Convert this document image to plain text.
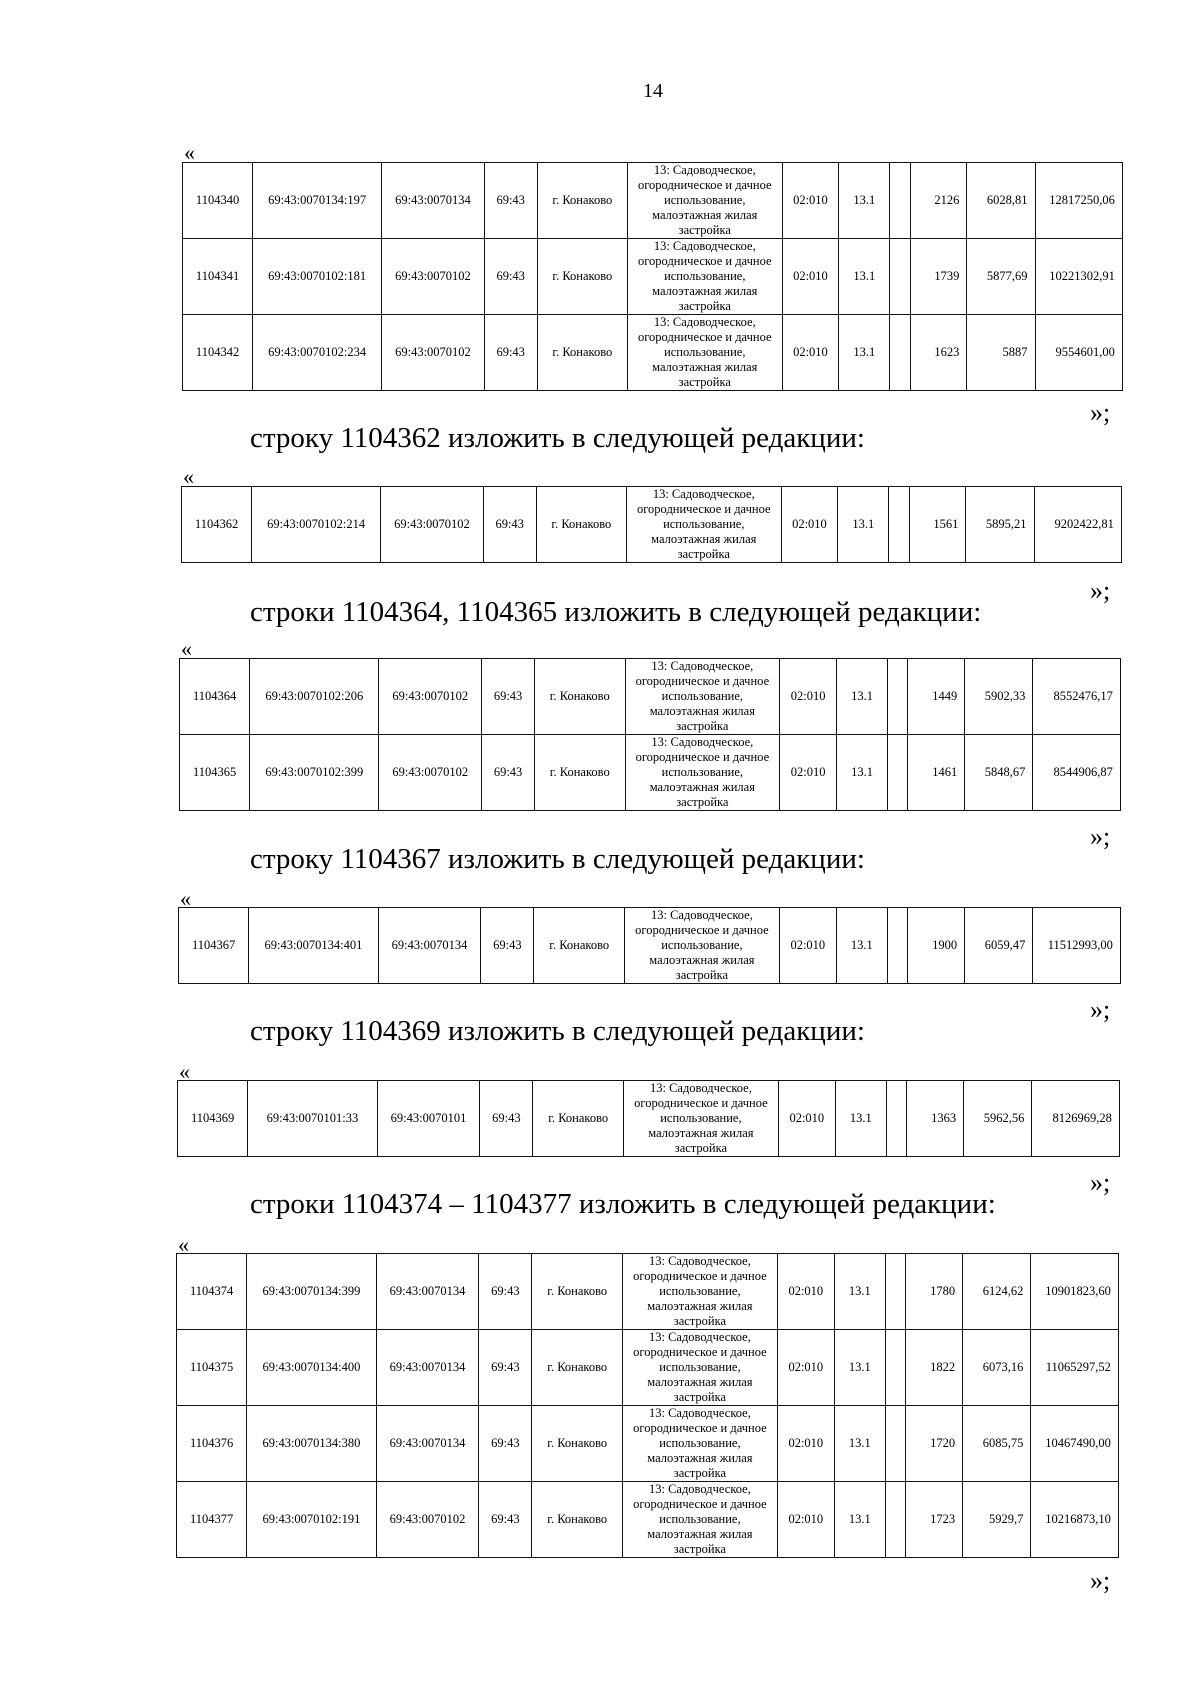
14
«
1104340	69:43:0070134:197	69:43:0070134	69:43	г. Конаково	13: Садоводческое, огородническое и дачное использование, малоэтажная жилая застройка	02:010	13.1		2126	6028,81	12817250,06
1104341	69:43:0070102:181	69:43:0070102	69:43	г. Конаково	13: Садоводческое, огородническое и дачное использование, малоэтажная жилая застройка	02:010	13.1		1739	5877,69	10221302,91
1104342	69:43:0070102:234	69:43:0070102	69:43	г. Конаково	13: Садоводческое, огородническое и дачное использование, малоэтажная жилая застройка	02:010	13.1		1623	5887	9554601,00
»;
строку 1104362 изложить в следующей редакции:
«
1104362	69:43:0070102:214	69:43:0070102	69:43	г. Конаково	13: Садоводческое, огородническое и дачное использование, малоэтажная жилая застройка	02:010	13.1		1561	5895,21	9202422,81
»;
строки 1104364, 1104365 изложить в следующей редакции:
«
1104364	69:43:0070102:206	69:43:0070102	69:43	г. Конаково	13: Садоводческое, огородническое и дачное использование, малоэтажная жилая застройка	02:010	13.1		1449	5902,33	8552476,17
1104365	69:43:0070102:399	69:43:0070102	69:43	г. Конаково	13: Садоводческое, огородническое и дачное использование, малоэтажная жилая застройка	02:010	13.1		1461	5848,67	8544906,87
»;
строку 1104367 изложить в следующей редакции:
«
1104367	69:43:0070134:401	69:43:0070134	69:43	г. Конаково	13: Садоводческое, огородническое и дачное использование, малоэтажная жилая застройка	02:010	13.1		1900	6059,47	11512993,00
»;
строку 1104369 изложить в следующей редакции:
«
1104369	69:43:0070101:33	69:43:0070101	69:43	г. Конаково	13: Садоводческое, огородническое и дачное использование, малоэтажная жилая застройка	02:010	13.1		1363	5962,56	8126969,28
»;
строки 1104374 – 1104377 изложить в следующей редакции:
«
1104374	69:43:0070134:399	69:43:0070134	69:43	г. Конаково	13: Садоводческое, огородническое и дачное использование, малоэтажная жилая застройка	02:010	13.1		1780	6124,62	10901823,60
1104375	69:43:0070134:400	69:43:0070134	69:43	г. Конаково	13: Садоводческое, огородническое и дачное использование, малоэтажная жилая застройка	02:010	13.1		1822	6073,16	11065297,52
1104376	69:43:0070134:380	69:43:0070134	69:43	г. Конаково	13: Садоводческое, огородническое и дачное использование, малоэтажная жилая застройка	02:010	13.1		1720	6085,75	10467490,00
1104377	69:43:0070102:191	69:43:0070102	69:43	г. Конаково	13: Садоводческое, огородническое и дачное использование, малоэтажная жилая застройка	02:010	13.1		1723	5929,7	10216873,10
»;
